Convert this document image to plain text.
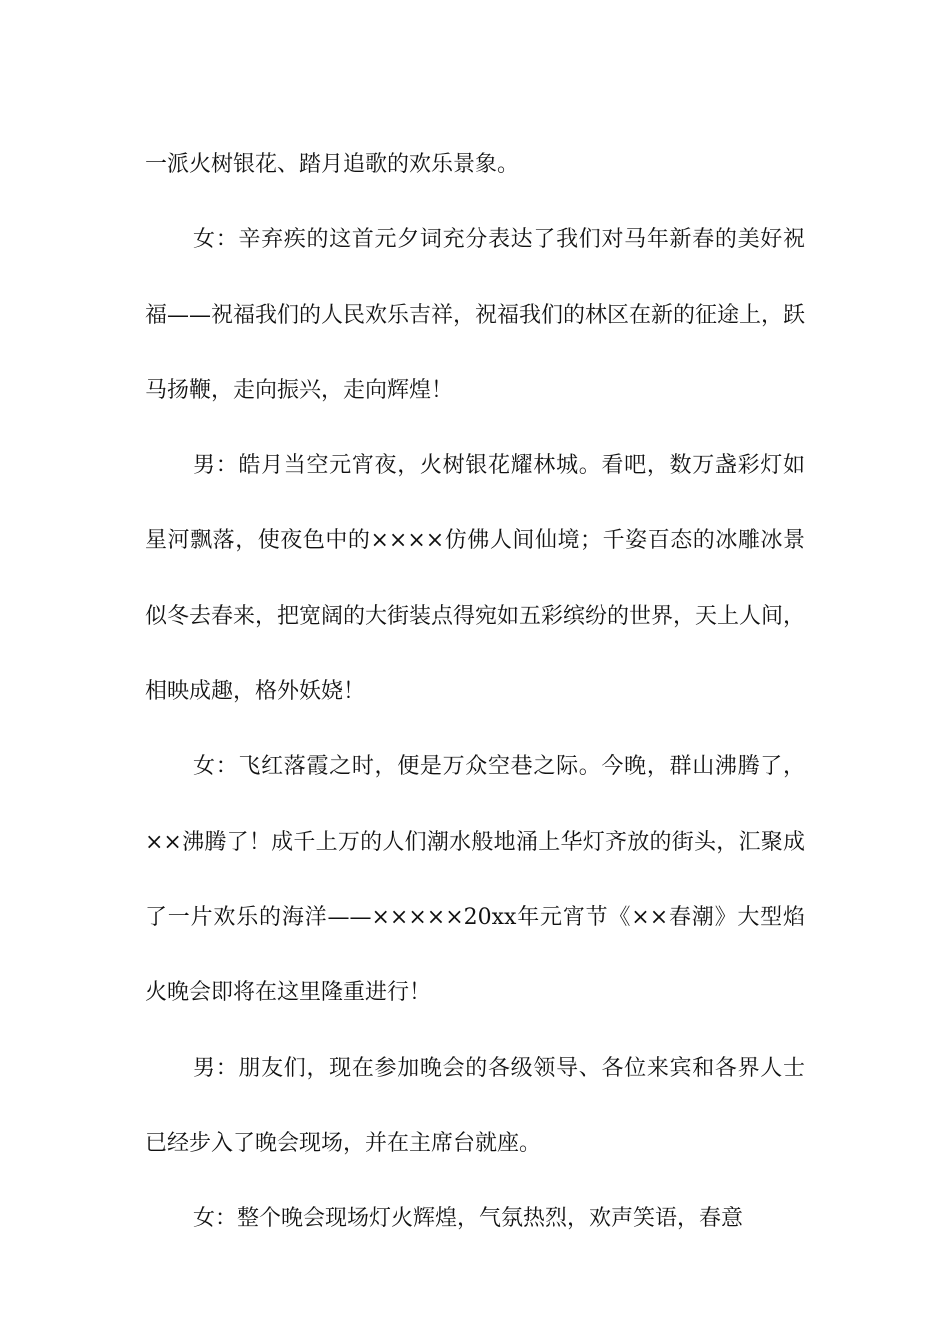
一派火树银花、踏月追歌的欢乐景象。

女：辛弃疾的这首元夕词充分表达了我们对马年新春的美好祝福——祝福我们的人民欢乐吉祥，祝福我们的林区在新的征途上，跃马扬鞭，走向振兴，走向辉煌！

男：皓月当空元宵夜，火树银花耀林城。看吧，数万盏彩灯如星河飘落，使夜色中的××××仿佛人间仙境；千姿百态的冰雕冰景似冬去春来，把宽阔的大街装点得宛如五彩缤纷的世界，天上人间，相映成趣，格外妖娆！

女：飞红落霞之时，便是万众空巷之际。今晚，群山沸腾了，××沸腾了！成千上万的人们潮水般地涌上华灯齐放的街头，汇聚成了一片欢乐的海洋——×××××20xx年元宵节《××春潮》大型焰火晚会即将在这里隆重进行！

男：朋友们，现在参加晚会的各级领导、各位来宾和各界人士已经步入了晚会现场，并在主席台就座。

女：整个晚会现场灯火辉煌，气氛热烈，欢声笑语，春意
